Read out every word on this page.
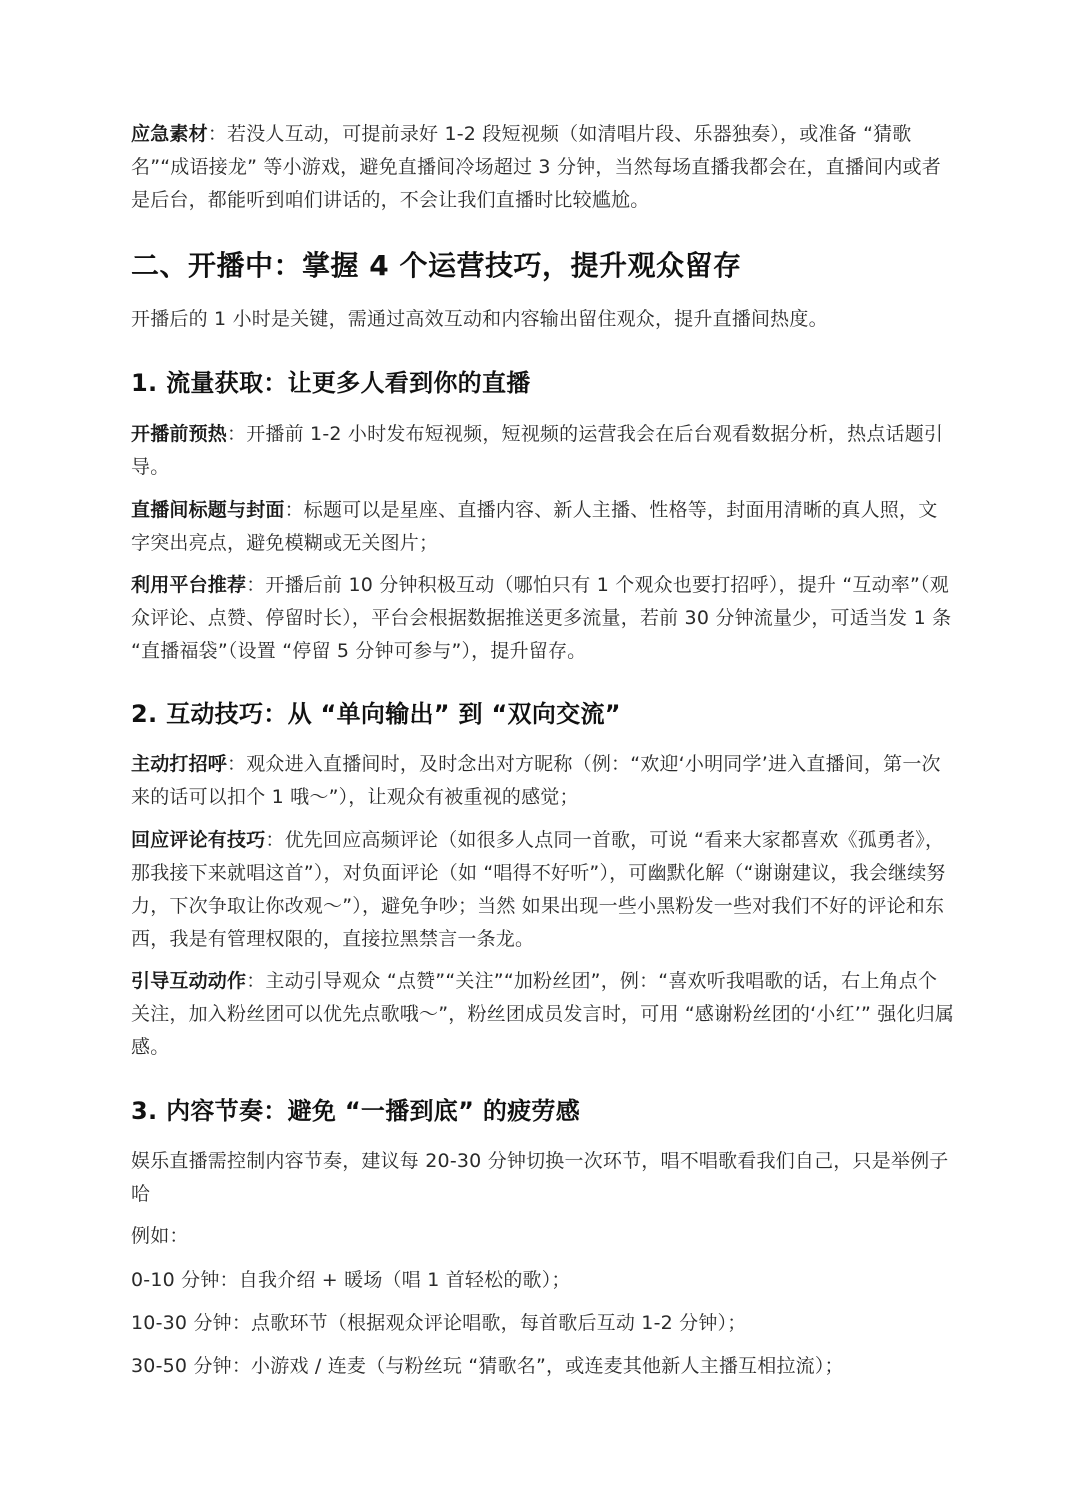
应急素材：若没人互动，可提前录好 1-2 段短视频（如清唱片段、乐器独奏），或准备 “猜歌名”“成语接龙” 等小游戏，避免直播间冷场超过 3 分钟，当然每场直播我都会在，直播间内或者是后台，都能听到咱们讲话的，不会让我们直播时比较尴尬。

二、开播中：掌握 4 个运营技巧，提升观众留存

开播后的 1 小时是关键，需通过高效互动和内容输出留住观众，提升直播间热度。

1. 流量获取：让更多人看到你的直播

开播前预热：开播前 1-2 小时发布短视频，短视频的运营我会在后台观看数据分析，热点话题引导。

直播间标题与封面：标题可以是星座、直播内容、新人主播、性格等，封面用清晰的真人照，文字突出亮点，避免模糊或无关图片；

利用平台推荐：开播后前 10 分钟积极互动（哪怕只有 1 个观众也要打招呼），提升 “互动率”（观众评论、点赞、停留时长），平台会根据数据推送更多流量，若前 30 分钟流量少，可适当发 1 条 “直播福袋”（设置 “停留 5 分钟可参与”），提升留存。

2. 互动技巧：从 “单向输出” 到 “双向交流”

主动打招呼：观众进入直播间时，及时念出对方昵称（例：“欢迎‘小明同学’进入直播间，第一次来的话可以扣个 1 哦～”），让观众有被重视的感觉；

回应评论有技巧：优先回应高频评论（如很多人点同一首歌，可说 “看来大家都喜欢《孤勇者》，那我接下来就唱这首”），对负面评论（如 “唱得不好听”），可幽默化解（“谢谢建议，我会继续努力，下次争取让你改观～”），避免争吵；当然 如果出现一些小黑粉发一些对我们不好的评论和东西，我是有管理权限的，直接拉黑禁言一条龙。

引导互动动作：主动引导观众 “点赞”“关注”“加粉丝团”，例：“喜欢听我唱歌的话，右上角点个关注，加入粉丝团可以优先点歌哦～”，粉丝团成员发言时，可用 “感谢粉丝团的‘小红’” 强化归属感。

3. 内容节奏：避免 “一播到底” 的疲劳感

娱乐直播需控制内容节奏，建议每 20-30 分钟切换一次环节，唱不唱歌看我们自己，只是举例子哈

例如：

0-10 分钟：自我介绍 + 暖场（唱 1 首轻松的歌）；

10-30 分钟：点歌环节（根据观众评论唱歌，每首歌后互动 1-2 分钟）；

30-50 分钟：小游戏 / 连麦（与粉丝玩 “猜歌名”，或连麦其他新人主播互相拉流）；
